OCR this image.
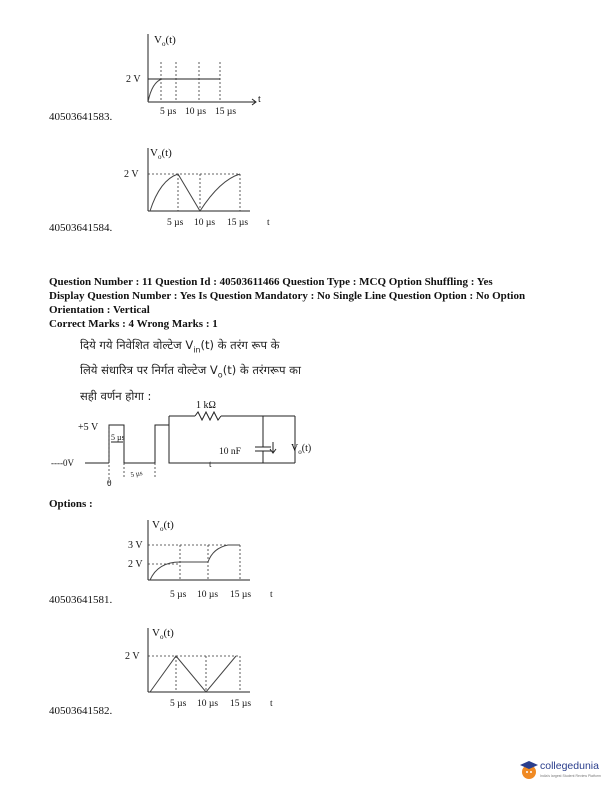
$V_o(t)$
t
2 V
5 µs 10 µs 15 µs
40503641583.
$V_o(t)$
2 V
5 µs 10 µs 15 µs t
40503641584.
Question Number : 11 Question Id : 40503611466 Question Type : MCQ Option Shuffling : Yes
Display Question Number : Yes Is Question Mandatory : No Single Line Question Option : No Option
Orientation : Vertical
Correct Marks : 4 Wrong Marks : 1
दिये गये निवेशित वोल्टेज $V_{in}(t)$ के तरंग रूप के
लिये संधारित्र पर निर्गत वोल्टेज $V_o(t)$ के तरंगरूप का
सही वर्णन होगा :
+5 V
----0V
5 µs
5 µs
0
t
1 kΩ
10 nF	$V_o(t)$
Options :
$V_o(t)$
3 V
2 V
5 µs 10 µs 15 µs t
40503641581.
$V_o(t)$
2 V
5 µs 10 µs 15 µs t
40503641582.
collegedunia
India's largest Student Review Platform
